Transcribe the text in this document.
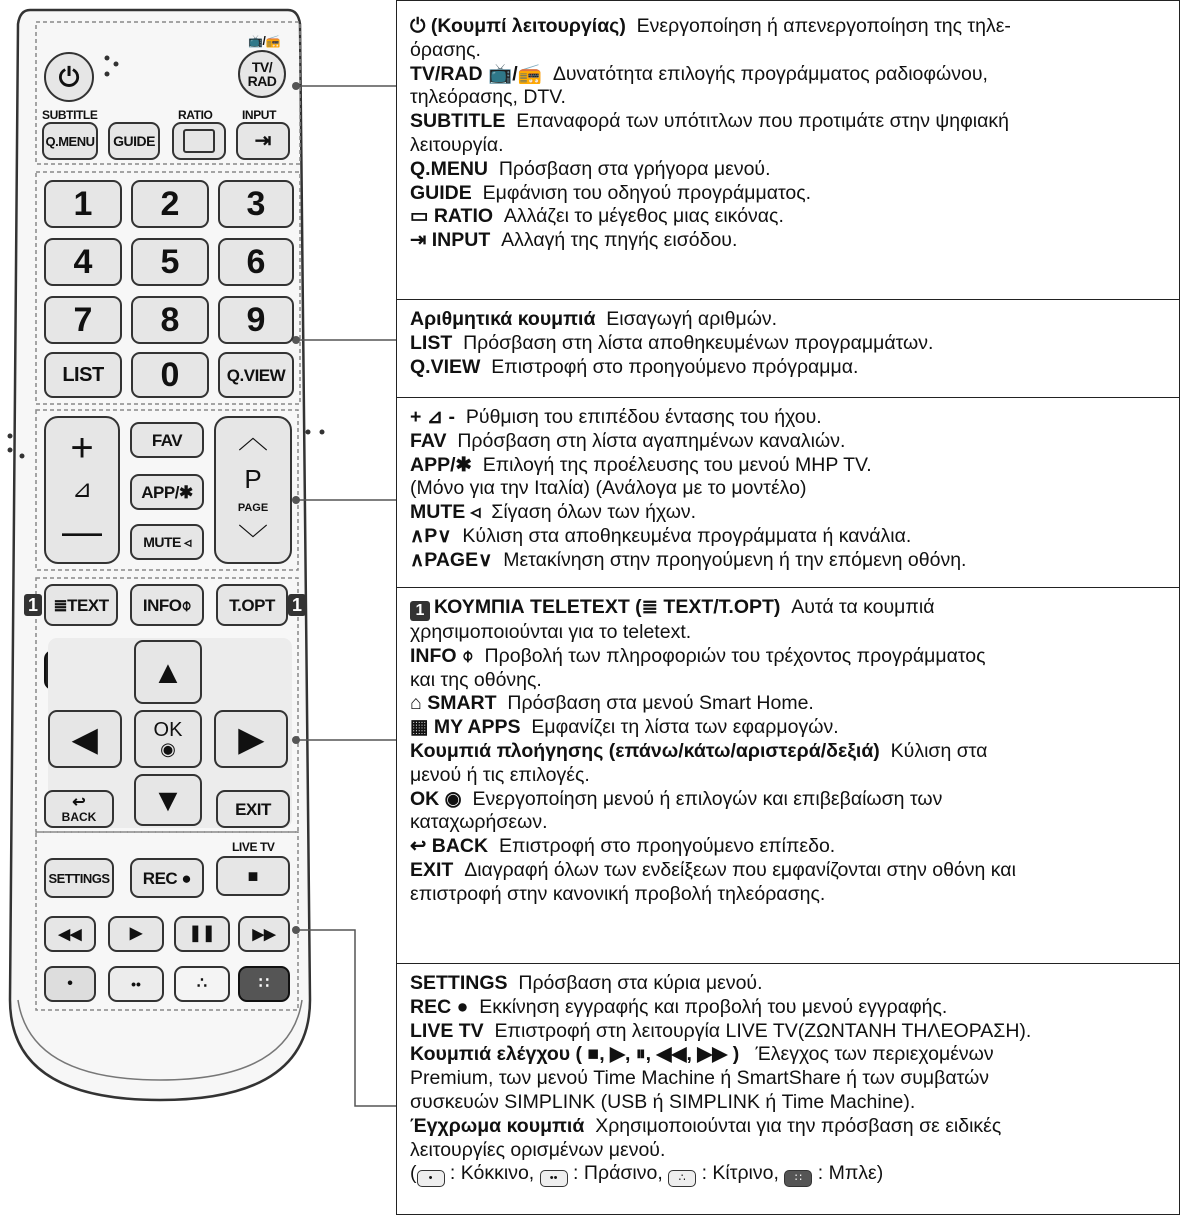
⏻	TV/
RAD
📺/📻
SUBTITLE	RATIO INPUT
Q.MENU	GUIDE	⇥
1	2	3
4	5	6
7	8	9
LIST	0	Q.VIEW
+
⊿
—
FAV
APP/✱
MUTE ◃
︿
P
PAGE
﹀
1 ≣TEXT	INFO⌽	T.OPT 1
▲
◀	OK
◉ ▶
▼
↩
BACK	EXIT
LIVE TV
SETTINGS	REC ●	■
◀◀	▶	❚❚ ▶▶
•	••	∴	∷
⏻ (Κουμπί λειτουργίας) Ενεργοποίηση ή απενεργοποίηση της τηλε-
όρασης.
TV/RAD 📺/📻 Δυνατότητα επιλογής προγράμματος ραδιοφώνου,
τηλεόρασης, DTV.
SUBTITLE Επαναφορά των υπότιτλων που προτιμάτε στην ψηφιακή
λειτουργία.
Q.MENU Πρόσβαση στα γρήγορα μενού.
GUIDE Εμφάνιση του οδηγού προγράμματος.
▭ RATIO Αλλάζει το μέγεθος μιας εικόνας.
⇥ INPUT Αλλαγή της πηγής εισόδου.
Αριθμητικά κουμπιά Εισαγωγή αριθμών.
LIST Πρόσβαση στη λίστα αποθηκευμένων προγραμμάτων.
Q.VIEW Επιστροφή στο προηγούμενο πρόγραμμα.
+ ⊿ - Ρύθμιση του επιπέδου έντασης του ήχου.
FAV Πρόσβαση στη λίστα αγαπημένων καναλιών.
APP/✱ Επιλογή της προέλευσης του μενού MHP TV.
(Μόνο για την Ιταλία) (Ανάλογα με το μοντέλο)
MUTE ◃ Σίγαση όλων των ήχων.
∧P∨ Κύλιση στα αποθηκευμένα προγράμματα ή κανάλια.
∧PAGE∨ Μετακίνηση στην προηγούμενη ή την επόμενη οθόνη.
1 ΚΟΥΜΠΙΑ TELETEXT (≣ TEXT/T.OPT) Αυτά τα κουμπιά
χρησιμοποιούνται για το teletext.
INFO ⌽ Προβολή των πληροφοριών του τρέχοντος προγράμματος
και της οθόνης.
⌂ SMART Πρόσβαση στα μενού Smart Home.
▦ MY APPS Εμφανίζει τη λίστα των εφαρμογών.
Κουμπιά πλοήγησης (επάνω/κάτω/αριστερά/δεξιά) Κύλιση στα
μενού ή τις επιλογές.
OK ◉ Ενεργοποίηση μενού ή επιλογών και επιβεβαίωση των
καταχωρήσεων.
↩ BACK Επιστροφή στο προηγούμενο επίπεδο.
EXIT Διαγραφή όλων των ενδείξεων που εμφανίζονται στην οθόνη και
επιστροφή στην κανονική προβολή τηλεόρασης.
SETTINGS Πρόσβαση στα κύρια μενού.
REC ● Εκκίνηση εγγραφής και προβολή του μενού εγγραφής.
LIVE TV Επιστροφή στη λειτουργία LIVE TV(ΖΩΝΤΑΝΗ ΤΗΛΕΟΡΑΣΗ).
Κουμπιά ελέγχου ( ■, ▶, ⏸, ◀◀, ▶▶ ) Έλεγχος των περιεχομένων
Premium, των μενού Time Machine ή SmartShare ή των συμβατών
συσκευών SIMPLINK (USB ή SIMPLINK ή Time Machine).
Έγχρωμα κουμπιά Χρησιμοποιούνται για την πρόσβαση σε ειδικές
λειτουργίες ορισμένων μενού.
( • : Κόκκινο, •• : Πράσινο, ∴ : Κίτρινο, ∷ : Μπλε)
